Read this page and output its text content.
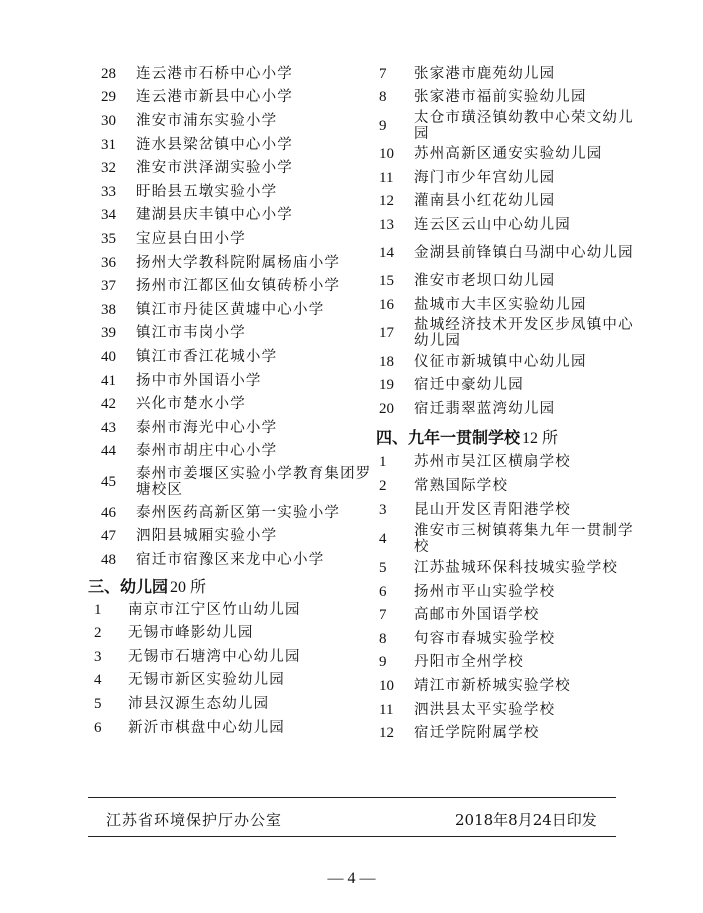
28	连云港市石桥中心小学
29	连云港市新县中心小学
30	淮安市浦东实验小学
31	涟水县梁岔镇中心小学
32	淮安市洪泽湖实验小学
33	盱眙县五墩实验小学
34	建湖县庆丰镇中心小学
35	宝应县白田小学
36	扬州大学教科院附属杨庙小学
37	扬州市江都区仙女镇砖桥小学
38	镇江市丹徒区黄墟中心小学
39	镇江市韦岗小学
40	镇江市香江花城小学
41	扬中市外国语小学
42	兴化市楚水小学
43	泰州市海光中心小学
44	泰州市胡庄中心小学
45	泰州市姜堰区实验小学教育集团罗塘校区
46	泰州医药高新区第一实验小学
47	泗阳县城厢实验小学
48	宿迁市宿豫区来龙中心小学
三、幼儿园 20 所
1	南京市江宁区竹山幼儿园
2	无锡市峰影幼儿园
3	无锡市石塘湾中心幼儿园
4	无锡市新区实验幼儿园
5	沛县汉源生态幼儿园
6	新沂市棋盘中心幼儿园
7	张家港市鹿苑幼儿园
8	张家港市福前实验幼儿园
9	太仓市璜泾镇幼教中心荣文幼儿园
10	苏州高新区通安实验幼儿园
11	海门市少年宫幼儿园
12	灌南县小红花幼儿园
13	连云区云山中心幼儿园
14	金湖县前锋镇白马湖中心幼儿园
15	淮安市老坝口幼儿园
16	盐城市大丰区实验幼儿园
17	盐城经济技术开发区步凤镇中心幼儿园
18	仪征市新城镇中心幼儿园
19	宿迁中豪幼儿园
20	宿迁翡翠蓝湾幼儿园
四、九年一贯制学校 12 所
1	苏州市吴江区横扇学校
2	常熟国际学校
3	昆山开发区青阳港学校
4	淮安市三树镇蒋集九年一贯制学校
5	江苏盐城环保科技城实验学校
6	扬州市平山实验学校
7	高邮市外国语学校
8	句容市春城实验学校
9	丹阳市全州学校
10	靖江市新桥城实验学校
11	泗洪县太平实验学校
12	宿迁学院附属学校
江苏省环境保护厅办公室	2018年8月24日印发
— 4 —
